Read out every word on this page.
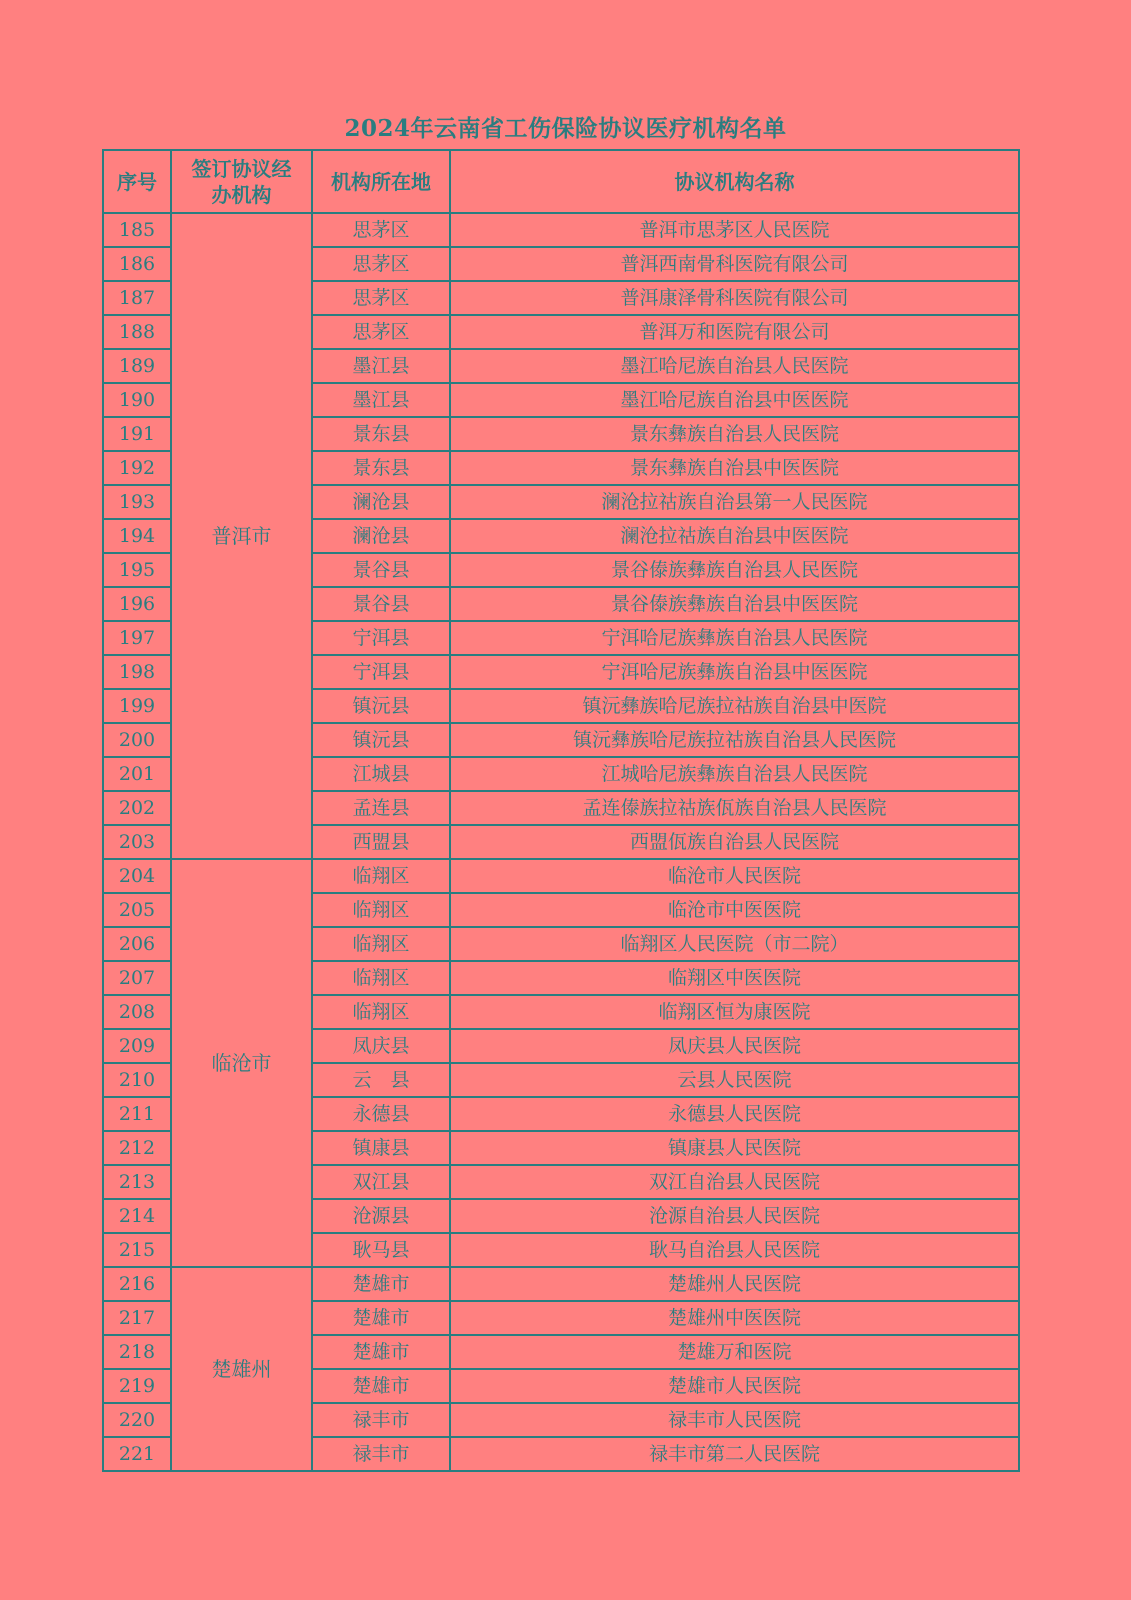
2024年云南省工伤保险协议医疗机构名单
序号	签订协议经办机构	机构所在地	协议机构名称
185	普洱市	思茅区	普洱市思茅区人民医院
186		思茅区	普洱西南骨科医院有限公司
187		思茅区	普洱康泽骨科医院有限公司
188		思茅区	普洱万和医院有限公司
189		墨江县	墨江哈尼族自治县人民医院
190		墨江县	墨江哈尼族自治县中医医院
191		景东县	景东彝族自治县人民医院
192		景东县	景东彝族自治县中医医院
193		澜沧县	澜沧拉祜族自治县第一人民医院
194		澜沧县	澜沧拉祜族自治县中医医院
195		景谷县	景谷傣族彝族自治县人民医院
196		景谷县	景谷傣族彝族自治县中医医院
197		宁洱县	宁洱哈尼族彝族自治县人民医院
198		宁洱县	宁洱哈尼族彝族自治县中医医院
199		镇沅县	镇沅彝族哈尼族拉祜族自治县中医院
200		镇沅县	镇沅彝族哈尼族拉祜族自治县人民医院
201		江城县	江城哈尼族彝族自治县人民医院
202		孟连县	孟连傣族拉祜族佤族自治县人民医院
203		西盟县	西盟佤族自治县人民医院
204	临沧市	临翔区	临沧市人民医院
205		临翔区	临沧市中医医院
206		临翔区	临翔区人民医院（市二院）
207		临翔区	临翔区中医医院
208		临翔区	临翔区恒为康医院
209		凤庆县	凤庆县人民医院
210		云　县	云县人民医院
211		永德县	永德县人民医院
212		镇康县	镇康县人民医院
213		双江县	双江自治县人民医院
214		沧源县	沧源自治县人民医院
215		耿马县	耿马自治县人民医院
216	楚雄州	楚雄市	楚雄州人民医院
217		楚雄市	楚雄州中医医院
218		楚雄市	楚雄万和医院
219		楚雄市	楚雄市人民医院
220		禄丰市	禄丰市人民医院
221		禄丰市	禄丰市第二人民医院
